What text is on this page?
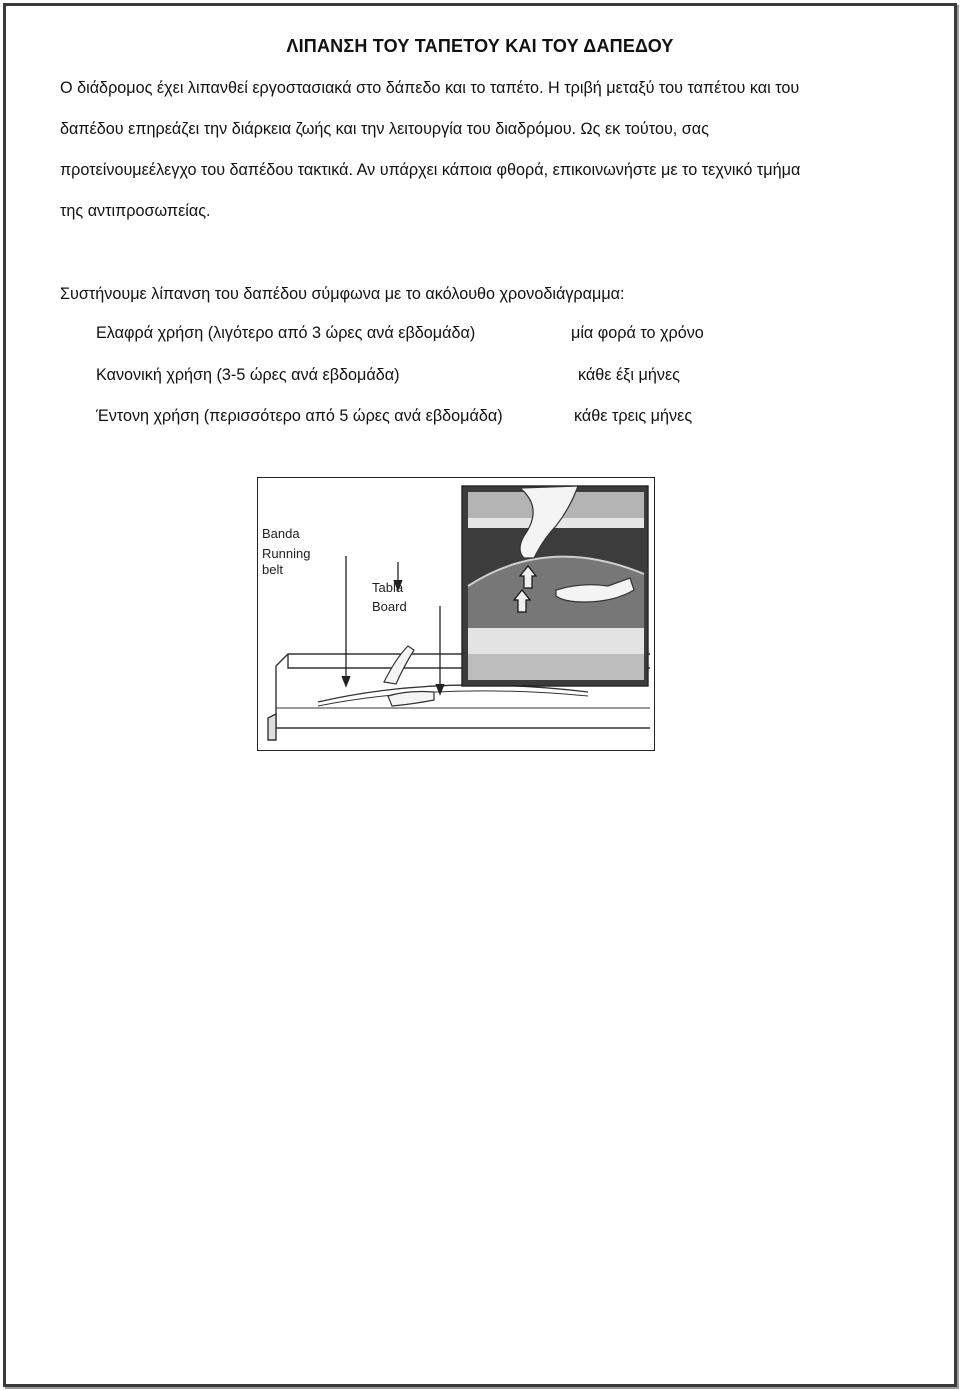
ΛΙΠΑΝΣΗ ΤΟΥ ΤΑΠΕΤΟΥ ΚΑΙ ΤΟΥ ΔΑΠΕΔΟΥ
Ο διάδρομος έχει λιπανθεί εργοστασιακά στο δάπεδο και το ταπέτο. Η τριβή μεταξύ του ταπέτου και του
δαπέδου επηρεάζει την διάρκεια ζωής και την λειτουργία του διαδρόμου. Ως εκ τούτου, σας
προτείνουμεέλεγχο του δαπέδου τακτικά. Αν υπάρχει κάποια φθορά, επικοινωνήστε με το τεχνικό τμήμα
της αντιπροσωπείας.
Συστήνουμε λίπανση του δαπέδου σύμφωνα με το ακόλουθο χρονοδιάγραμμα:
Ελαφρά χρήση (λιγότερο από 3 ώρες ανά εβδομάδα)	μία φορά το χρόνο
Κανονική χρήση (3-5 ώρες ανά εβδομάδα)	κάθε έξι μήνες
Έντονη χρήση (περισσότερο από 5 ώρες ανά εβδομάδα)	κάθε τρεις μήνες
Banda
Running
belt
Tabla
Board
